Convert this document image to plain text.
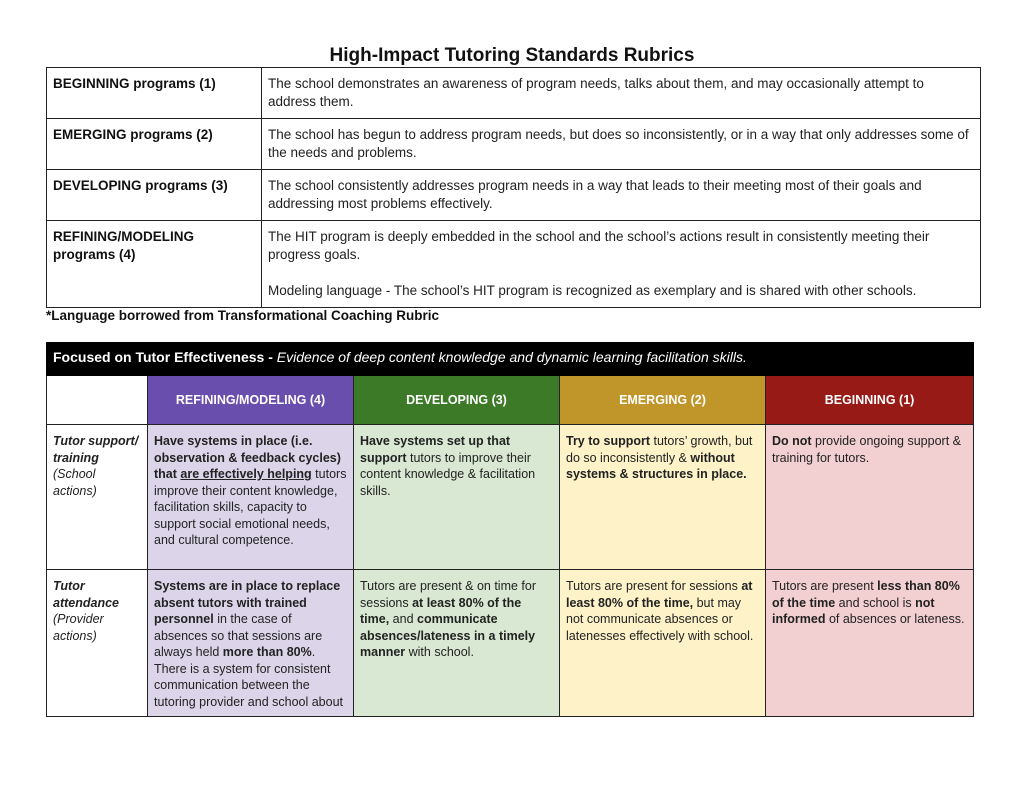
High-Impact Tutoring Standards Rubrics
BEGINNING programs (1)	The school demonstrates an awareness of program needs, talks about them, and may occasionally attempt to address them.

EMERGING programs (2)	The school has begun to address program needs, but does so inconsistently, or in a way that only addresses some of the needs and problems.

DEVELOPING programs (3)	The school consistently addresses program needs in a way that leads to their meeting most of their goals and addressing most problems effectively.

REFINING/MODELING programs (4)	The HIT program is deeply embedded in the school and the school’s actions result in consistently meeting their progress goals.

Modeling language - The school’s HIT program is recognized as exemplary and is shared with other schools.

*Language borrowed from Transformational Coaching Rubric
Focused on Tutor Effectiveness - Evidence of deep content knowledge and dynamic learning facilitation skills.				
	REFINING/MODELING (4)	DEVELOPING (3)	EMERGING (2)	BEGINNING (1)

Tutor support/ training
(School actions)	Have systems in place (i.e. observation & feedback cycles) that are effectively helping tutors improve their content knowledge, facilitation skills, capacity to support social emotional needs, and cultural competence.	Have systems set up that support tutors to improve their content knowledge & facilitation skills.	Try to support tutors’ growth, but do so inconsistently & without systems & structures in place.	Do not provide ongoing support & training for tutors.

Tutor attendance
(Provider actions)	Systems are in place to replace absent tutors with trained personnel in the case of absences so that sessions are always held more than 80%. There is a system for consistent communication between the tutoring provider and school about	Tutors are present & on time for sessions at least 80% of the time, and communicate absences/lateness in a timely manner with school.	Tutors are present for sessions at least 80% of the time, but may not communicate absences or latenesses effectively with school.	Tutors are present less than 80% of the time and school is not informed of absences or lateness.
